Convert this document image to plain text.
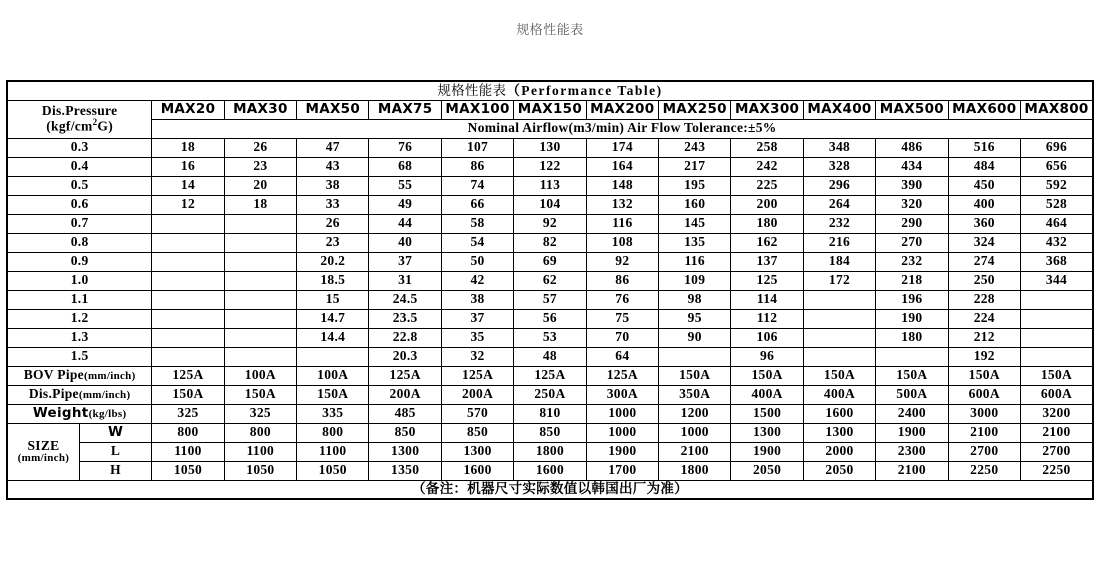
规格性能表
规格性能表（Performance Table)														
Dis.Pressure
$(kgf/cm^2G)$		MAX20	MAX30	MAX50	MAX75	MAX100	MAX150	MAX200	MAX250	MAX300	MAX400	MAX500	MAX600	MAX800
		Nominal Airflow(m3/min) Air Flow Tolerance:±5%												
0.3		18	26	47	76	107	130	174	243	258	348	486	516	696
0.4		16	23	43	68	86	122	164	217	242	328	434	484	656
0.5		14	20	38	55	74	113	148	195	225	296	390	450	592
0.6		12	18	33	49	66	104	132	160	200	264	320	400	528
0.7				26	44	58	92	116	145	180	232	290	360	464
0.8				23	40	54	82	108	135	162	216	270	324	432
0.9				20.2	37	50	69	92	116	137	184	232	274	368
1.0				18.5	31	42	62	86	109	125	172	218	250	344
1.1				15	24.5	38	57	76	98	114		196	228	
1.2				14.7	23.5	37	56	75	95	112		190	224	
1.3				14.4	22.8	35	53	70	90	106		180	212	
1.5					20.3	32	48	64		96			192	
BOV Pipe(mm/inch)		125A	100A	100A	125A	125A	125A	125A	150A	150A	150A	150A	150A	150A
Dis.Pipe(mm/inch)		150A	150A	150A	200A	200A	250A	300A	350A	400A	400A	500A	600A	600A
Weight(kg/lbs)		325	325	335	485	570	810	1000	1200	1500	1600	2400	3000	3200
SIZE
(mm/inch)	W	800	800	800	850	850	850	1000	1000	1300	1300	1900	2100	2100
	L	1100	1100	1100	1300	1300	1800	1900	2100	1900	2000	2300	2700	2700
	H	1050	1050	1050	1350	1600	1600	1700	1800	2050	2050	2100	2250	2250
（备注：机器尺寸实际数值以韩国出厂为准）														
